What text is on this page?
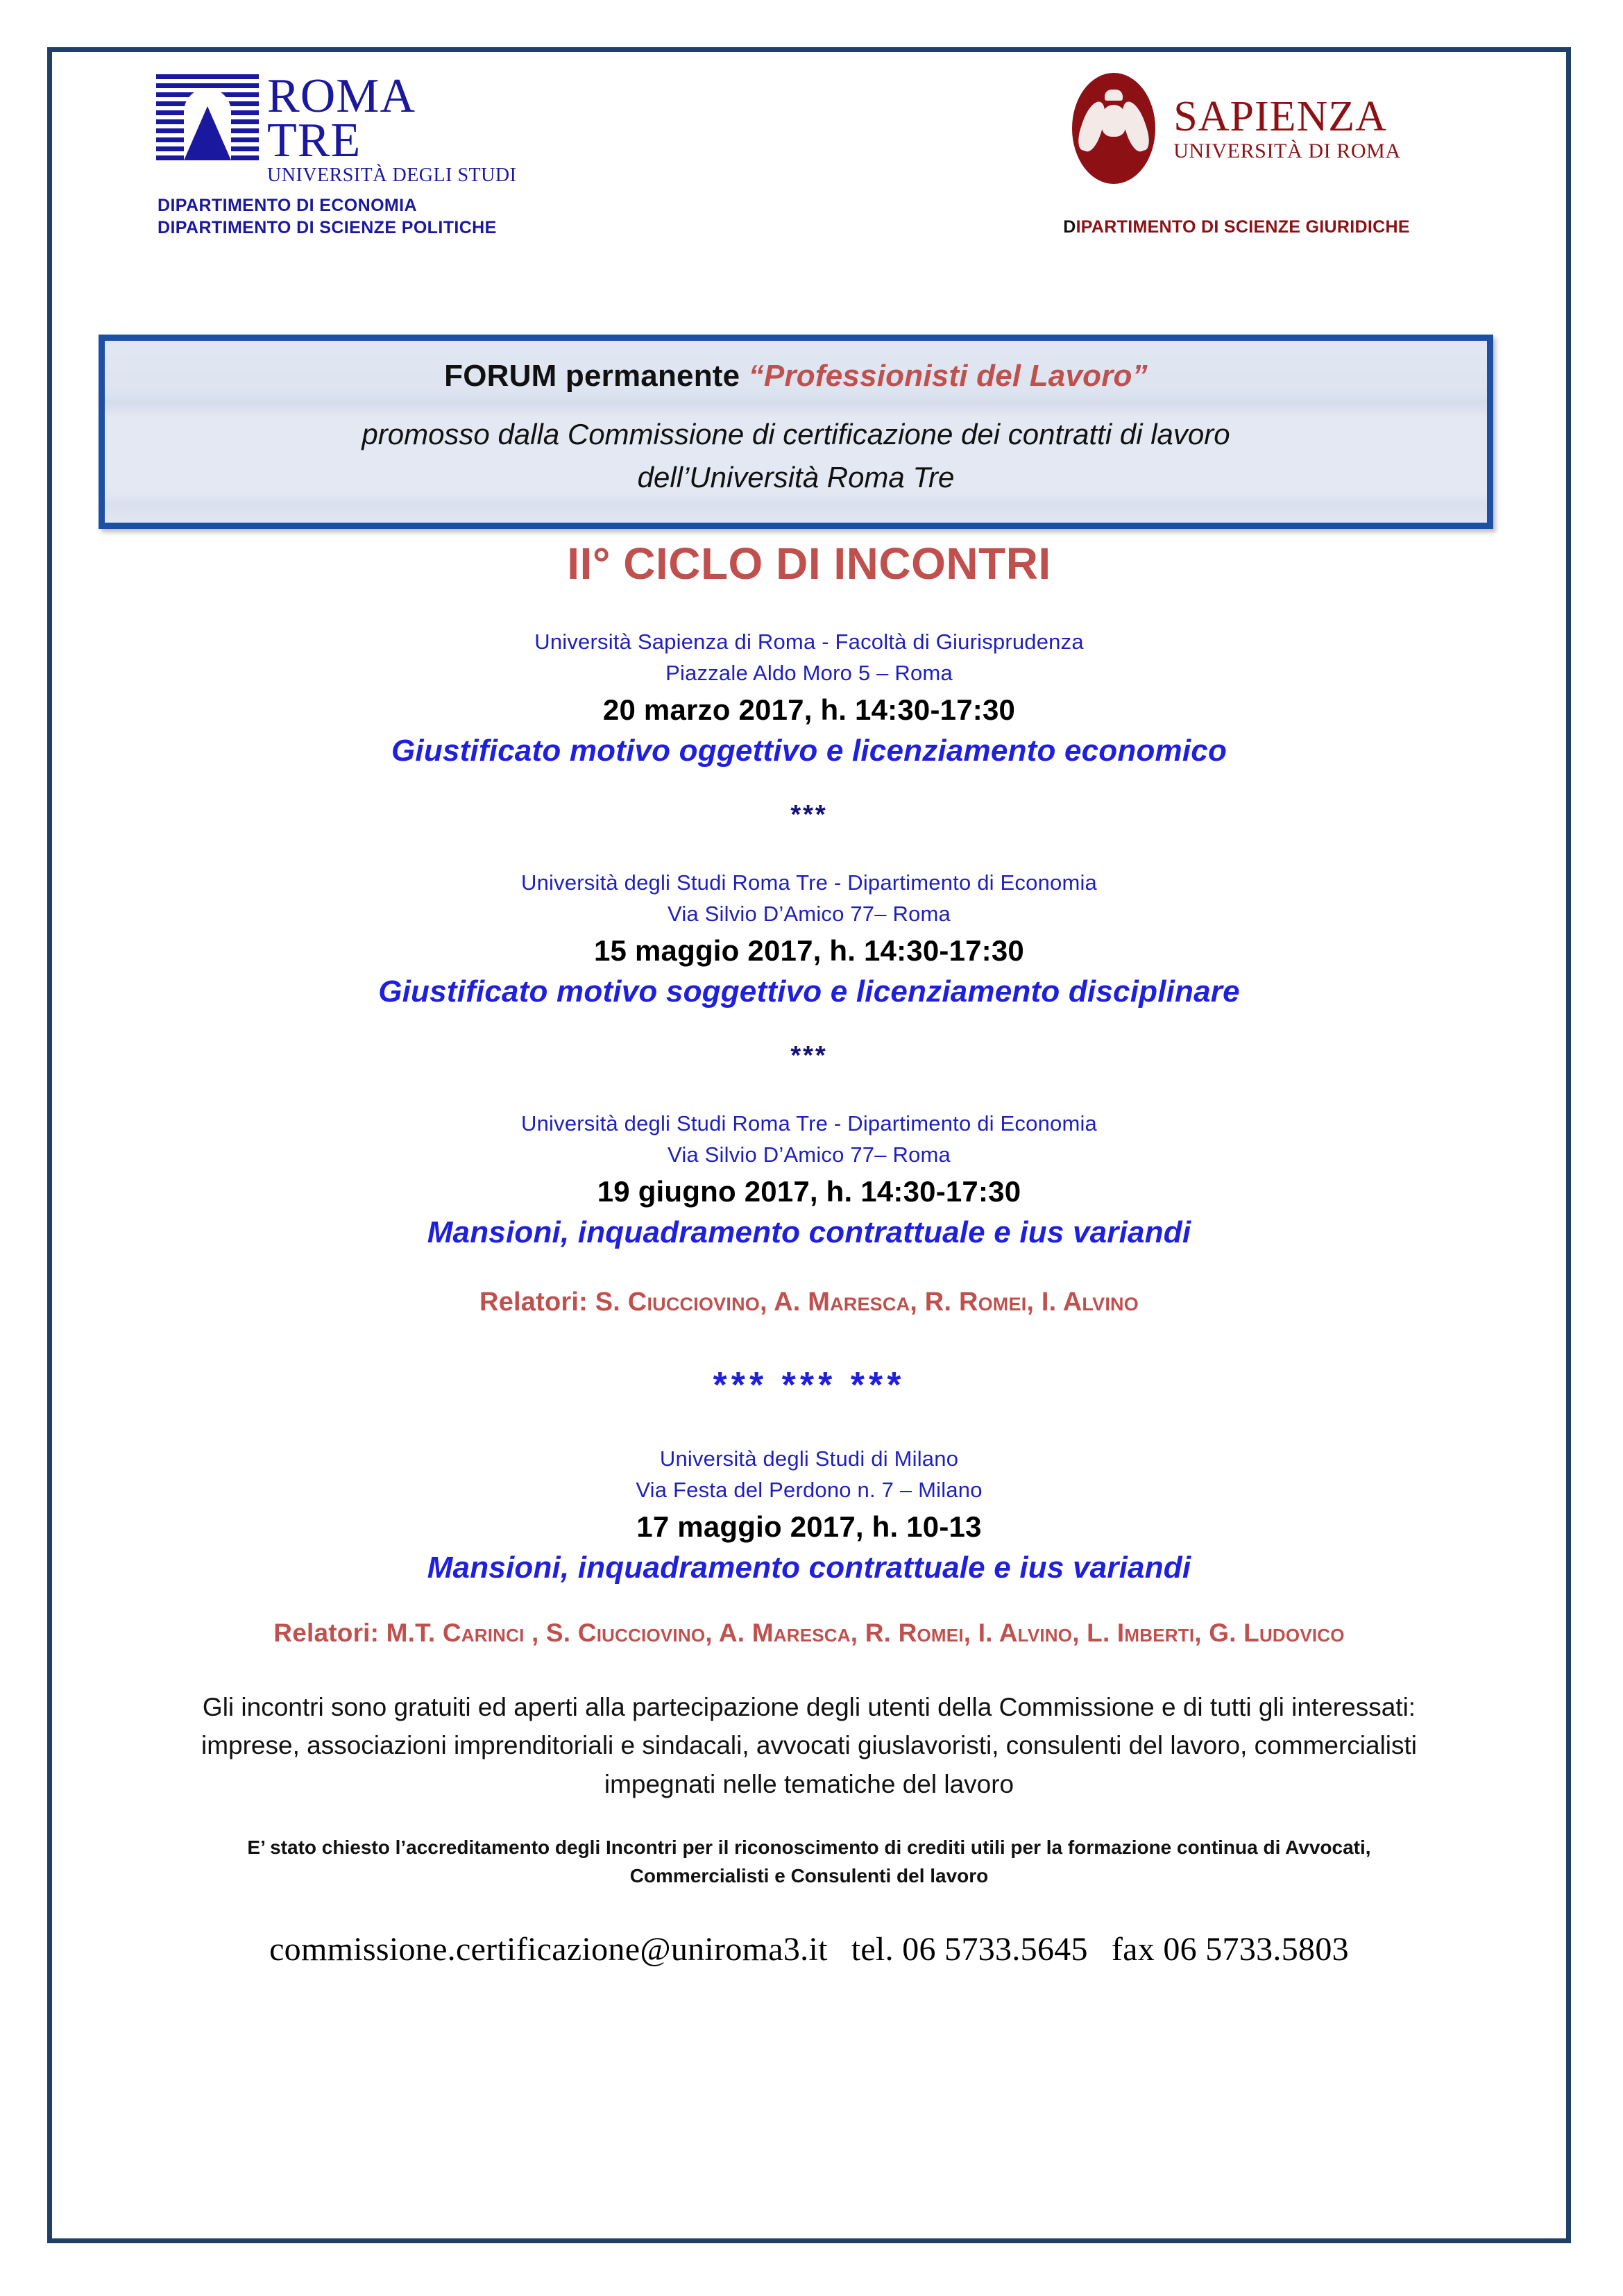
ROMA
TRE
UNIVERSITÀ DEGLI STUDI
DIPARTIMENTO DI ECONOMIA
DIPARTIMENTO DI SCIENZE POLITICHE
SAPIENZA
UNIVERSITÀ DI ROMA
DIPARTIMENTO DI SCIENZE GIURIDICHE
FORUM permanente “Professionisti del Lavoro”
promosso dalla Commissione di certificazione dei contratti di lavoro
dell’Università Roma Tre
II° CICLO DI INCONTRI
Università Sapienza di Roma - Facoltà di Giurisprudenza
Piazzale Aldo Moro 5 – Roma
20 marzo 2017, h. 14:30-17:30
Giustificato motivo oggettivo e licenziamento economico
***
Università degli Studi Roma Tre - Dipartimento di Economia
Via Silvio D’Amico 77– Roma
15 maggio 2017, h. 14:30-17:30
Giustificato motivo soggettivo e licenziamento disciplinare
***
Università degli Studi Roma Tre - Dipartimento di Economia
Via Silvio D’Amico 77– Roma
19 giugno 2017, h. 14:30-17:30
Mansioni, inquadramento contrattuale e ius variandi
Relatori: S. Ciucciovino, A. Maresca, R. Romei, I. Alvino
*** *** ***
Università degli Studi di Milano
Via Festa del Perdono n. 7 – Milano
17 maggio 2017, h. 10-13
Mansioni, inquadramento contrattuale e ius variandi
Relatori: M.T. Carinci , S. Ciucciovino, A. Maresca, R. Romei, I. Alvino, L. Imberti, G. Ludovico
Gli incontri sono gratuiti ed aperti alla partecipazione degli utenti della Commissione e di tutti gli interessati: imprese, associazioni imprenditoriali e sindacali, avvocati giuslavoristi, consulenti del lavoro, commercialisti impegnati nelle tematiche del lavoro
E’ stato chiesto l’accreditamento degli Incontri per il riconoscimento di crediti utili per la formazione continua di Avvocati, Commercialisti e Consulenti del lavoro
commissione.certificazione@uniroma3.it tel. 06 5733.5645 fax 06 5733.5803
